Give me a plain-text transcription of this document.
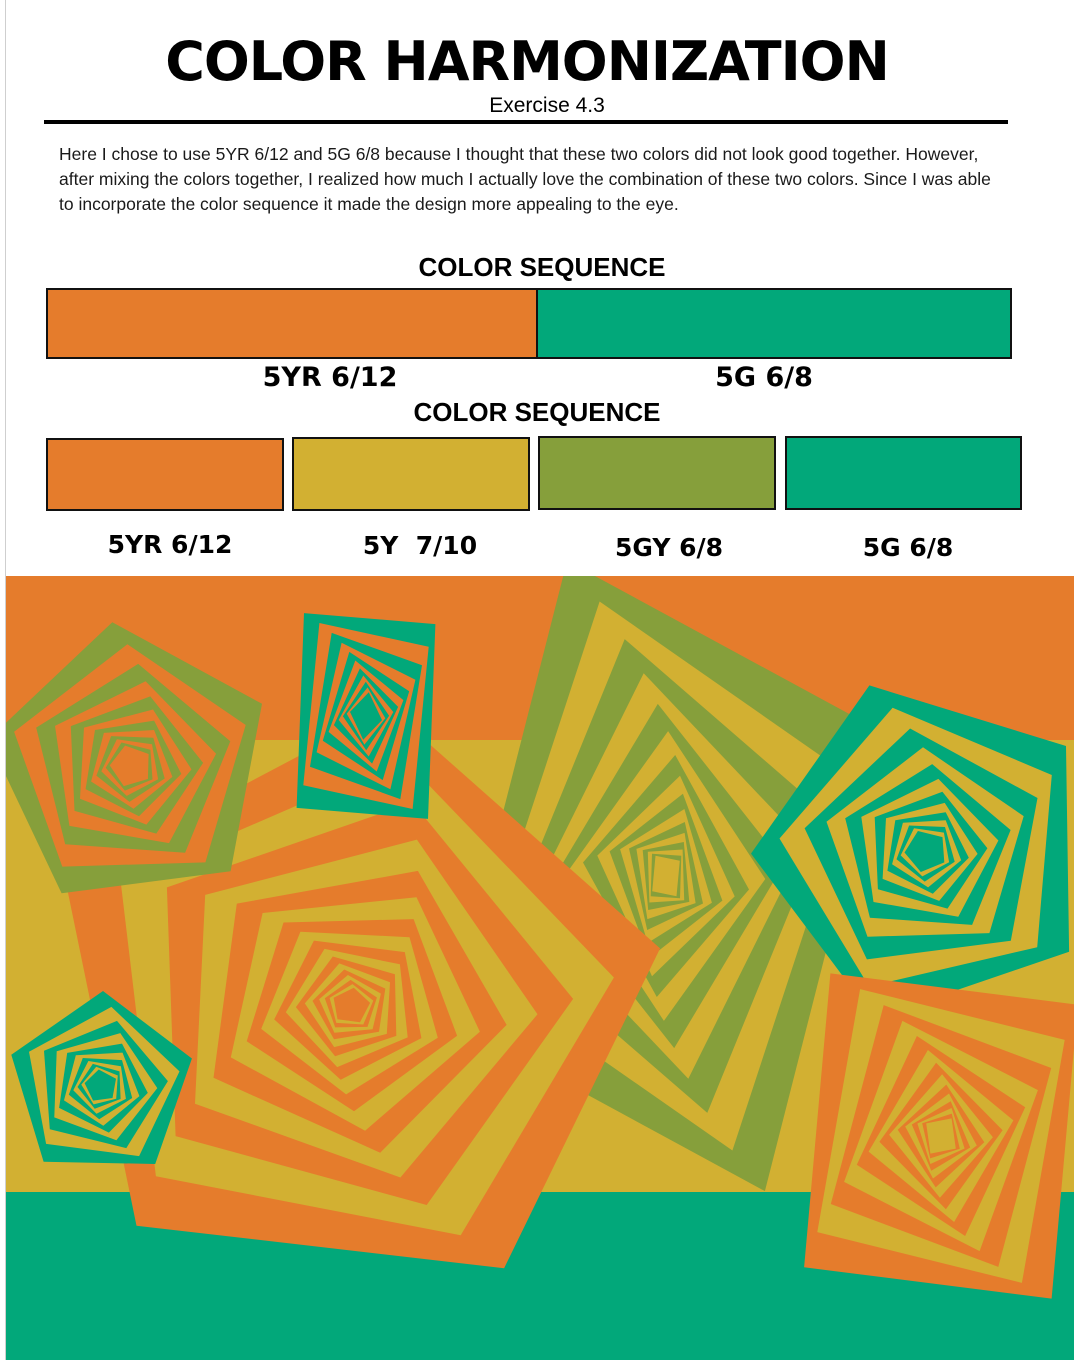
COLOR HARMONIZATION
Exercise 4.3
Here I chose to use 5YR 6/12 and 5G 6/8 because I thought that these two colors did not look good together. However, after mixing the colors together, I realized how much I actually love the combination of these two colors. Since I was able to incorporate the color sequence it made the design more appealing to the eye.
COLOR SEQUENCE
5YR 6/12	5G 6/8
COLOR SEQUENCE
5YR 6/12	5Y  7/10	5GY 6/8	5G 6/8
